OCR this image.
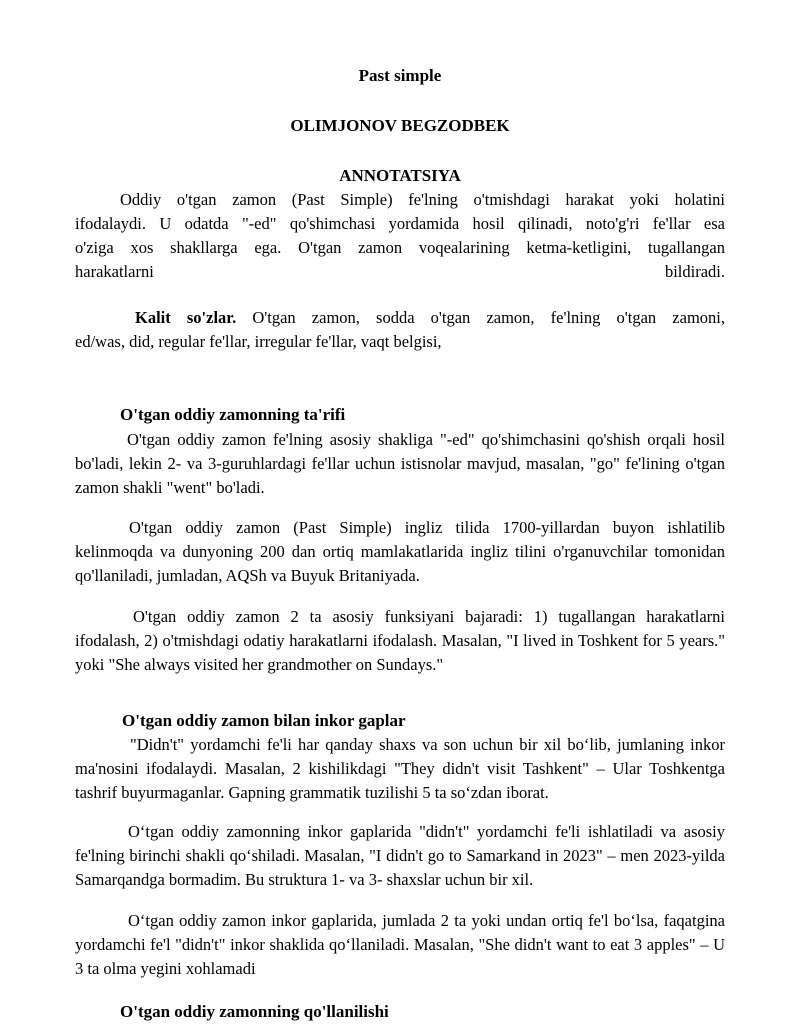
Past simple
OLIMJONOV BEGZODBEK
ANNOTATSIYA
Oddiy o'tgan zamon (Past Simple) fe'lning o'tmishdagi harakat yoki holatini
ifodalaydi. U odatda "-ed" qo'shimchasi yordamida hosil qilinadi, noto'g'ri fe'llar esa
o'ziga xos shakllarga ega. O'tgan zamon voqealarining ketma-ketligini, tugallangan
harakatlarni	bildiradi.
Kalit so'zlar. O'tgan zamon, sodda o'tgan zamon, fe'lning o'tgan zamoni,
ed/was, did, regular fe'llar, irregular fe'llar, vaqt belgisi,
O'tgan oddiy zamonning ta'rifi

O'tgan oddiy zamon fe'lning asosiy shakliga "-ed" qo'shimchasini qo'shish orqali hosil bo'ladi, lekin 2- va 3-guruhlardagi fe'llar uchun istisnolar mavjud, masalan, "go" fe'lining o'tgan zamon shakli "went" bo'ladi.

O'tgan oddiy zamon (Past Simple) ingliz tilida 1700-yillardan buyon ishlatilib kelinmoqda va dunyoning 200 dan ortiq mamlakatlarida ingliz tilini o'rganuvchilar tomonidan qo'llaniladi, jumladan, AQSh va Buyuk Britaniyada.

O'tgan oddiy zamon 2 ta asosiy funksiyani bajaradi: 1) tugallangan harakatlarni ifodalash, 2) o'tmishdagi odatiy harakatlarni ifodalash. Masalan, "I lived in Toshkent for 5 years." yoki "She always visited her grandmother on Sundays."

O'tgan oddiy zamon bilan inkor gaplar

"Didn't" yordamchi fe'li har qanday shaxs va son uchun bir xil bo‘lib, jumlaning inkor ma'nosini ifodalaydi. Masalan, 2 kishilikdagi "They didn't visit Tashkent" – Ular Toshkentga tashrif buyurmaganlar. Gapning grammatik tuzilishi 5 ta so‘zdan iborat.

O‘tgan oddiy zamonning inkor gaplarida "didn't" yordamchi fe'li ishlatiladi va asosiy fe'lning birinchi shakli qo‘shiladi. Masalan, "I didn't go to Samarkand in 2023" – men 2023-yilda Samarqandga bormadim. Bu struktura 1- va 3- shaxslar uchun bir xil.

O‘tgan oddiy zamon inkor gaplarida, jumlada 2 ta yoki undan ortiq fe'l bo‘lsa, faqatgina yordamchi fe'l "didn't" inkor shaklida qo‘llaniladi. Masalan, "She didn't want to eat 3 apples" – U 3 ta olma yegini xohlamadi

O'tgan oddiy zamonning qo'llanilishi
